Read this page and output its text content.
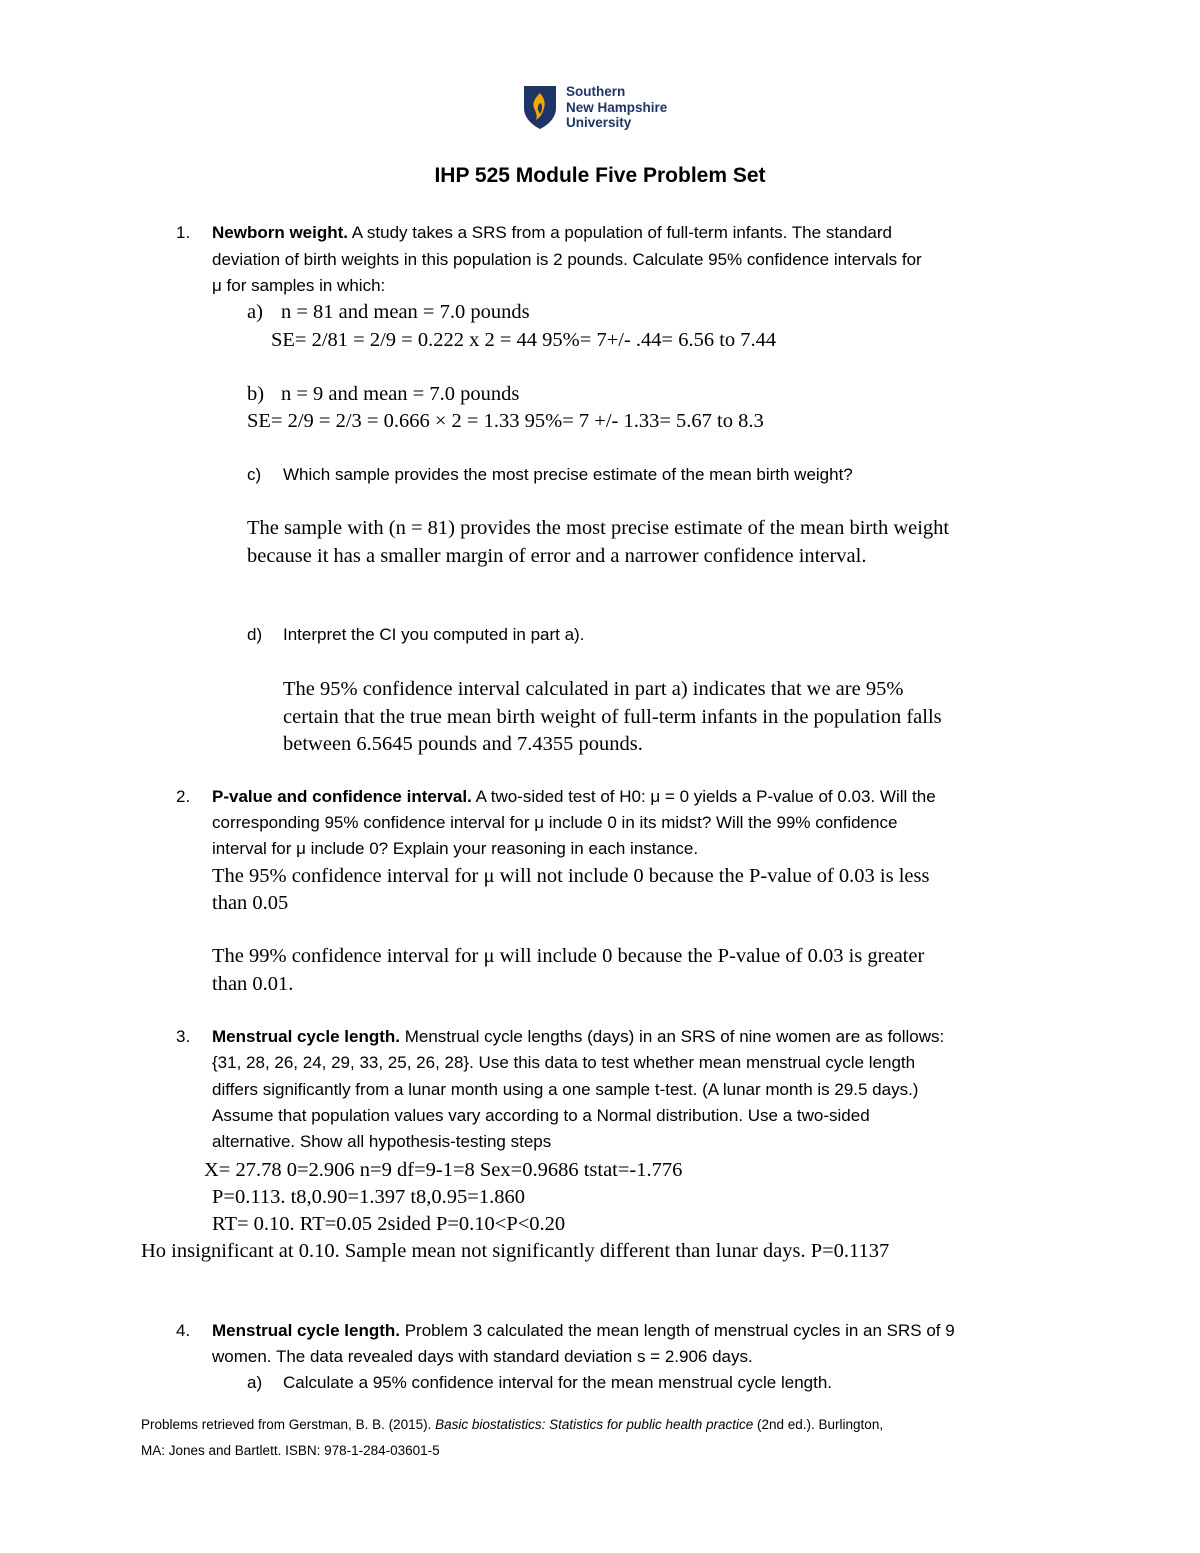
Southern
New Hampshire
University
IHP 525 Module Five Problem Set
1. Newborn weight. A study takes a SRS from a population of full-term infants. The standard
deviation of birth weights in this population is 2 pounds. Calculate 95% confidence intervals for
μ for samples in which:
a) n = 81 and mean = 7.0 pounds
SE= 2/81 = 2/9 = 0.222 x 2 = 44 95%= 7+/- .44= 6.56 to 7.44
b) n = 9 and mean = 7.0 pounds
SE= 2/9 = 2/3 = 0.666 × 2 = 1.33 95%= 7 +/- 1.33= 5.67 to 8.3
c) Which sample provides the most precise estimate of the mean birth weight?
The sample with (n = 81) provides the most precise estimate of the mean birth weight
because it has a smaller margin of error and a narrower confidence interval.
d) Interpret the CI you computed in part a).
The 95% confidence interval calculated in part a) indicates that we are 95%
certain that the true mean birth weight of full-term infants in the population falls
between 6.5645 pounds and 7.4355 pounds.
2. P-value and confidence interval. A two-sided test of H0: μ = 0 yields a P-value of 0.03. Will the
corresponding 95% confidence interval for μ include 0 in its midst? Will the 99% confidence
interval for μ include 0? Explain your reasoning in each instance.
The 95% confidence interval for μ will not include 0 because the P-value of 0.03 is less
than 0.05
The 99% confidence interval for μ will include 0 because the P-value of 0.03 is greater
than 0.01.
3. Menstrual cycle length. Menstrual cycle lengths (days) in an SRS of nine women are as follows:
{31, 28, 26, 24, 29, 33, 25, 26, 28}. Use this data to test whether mean menstrual cycle length
differs significantly from a lunar month using a one sample t-test. (A lunar month is 29.5 days.)
Assume that population values vary according to a Normal distribution. Use a two-sided
alternative. Show all hypothesis-testing steps
X= 27.78 0=2.906 n=9 df=9-1=8 Sex=0.9686 tstat=-1.776
P=0.113. t8,0.90=1.397 t8,0.95=1.860
RT= 0.10. RT=0.05 2sided P=0.10<P<0.20
Ho insignificant at 0.10. Sample mean not significantly different than lunar days. P=0.1137
4. Menstrual cycle length. Problem 3 calculated the mean length of menstrual cycles in an SRS of 9
women. The data revealed days with standard deviation s = 2.906 days.
a) Calculate a 95% confidence interval for the mean menstrual cycle length.
Problems retrieved from Gerstman, B. B. (2015). Basic biostatistics: Statistics for public health practice (2nd ed.). Burlington,
MA: Jones and Bartlett. ISBN: 978-1-284-03601-5
